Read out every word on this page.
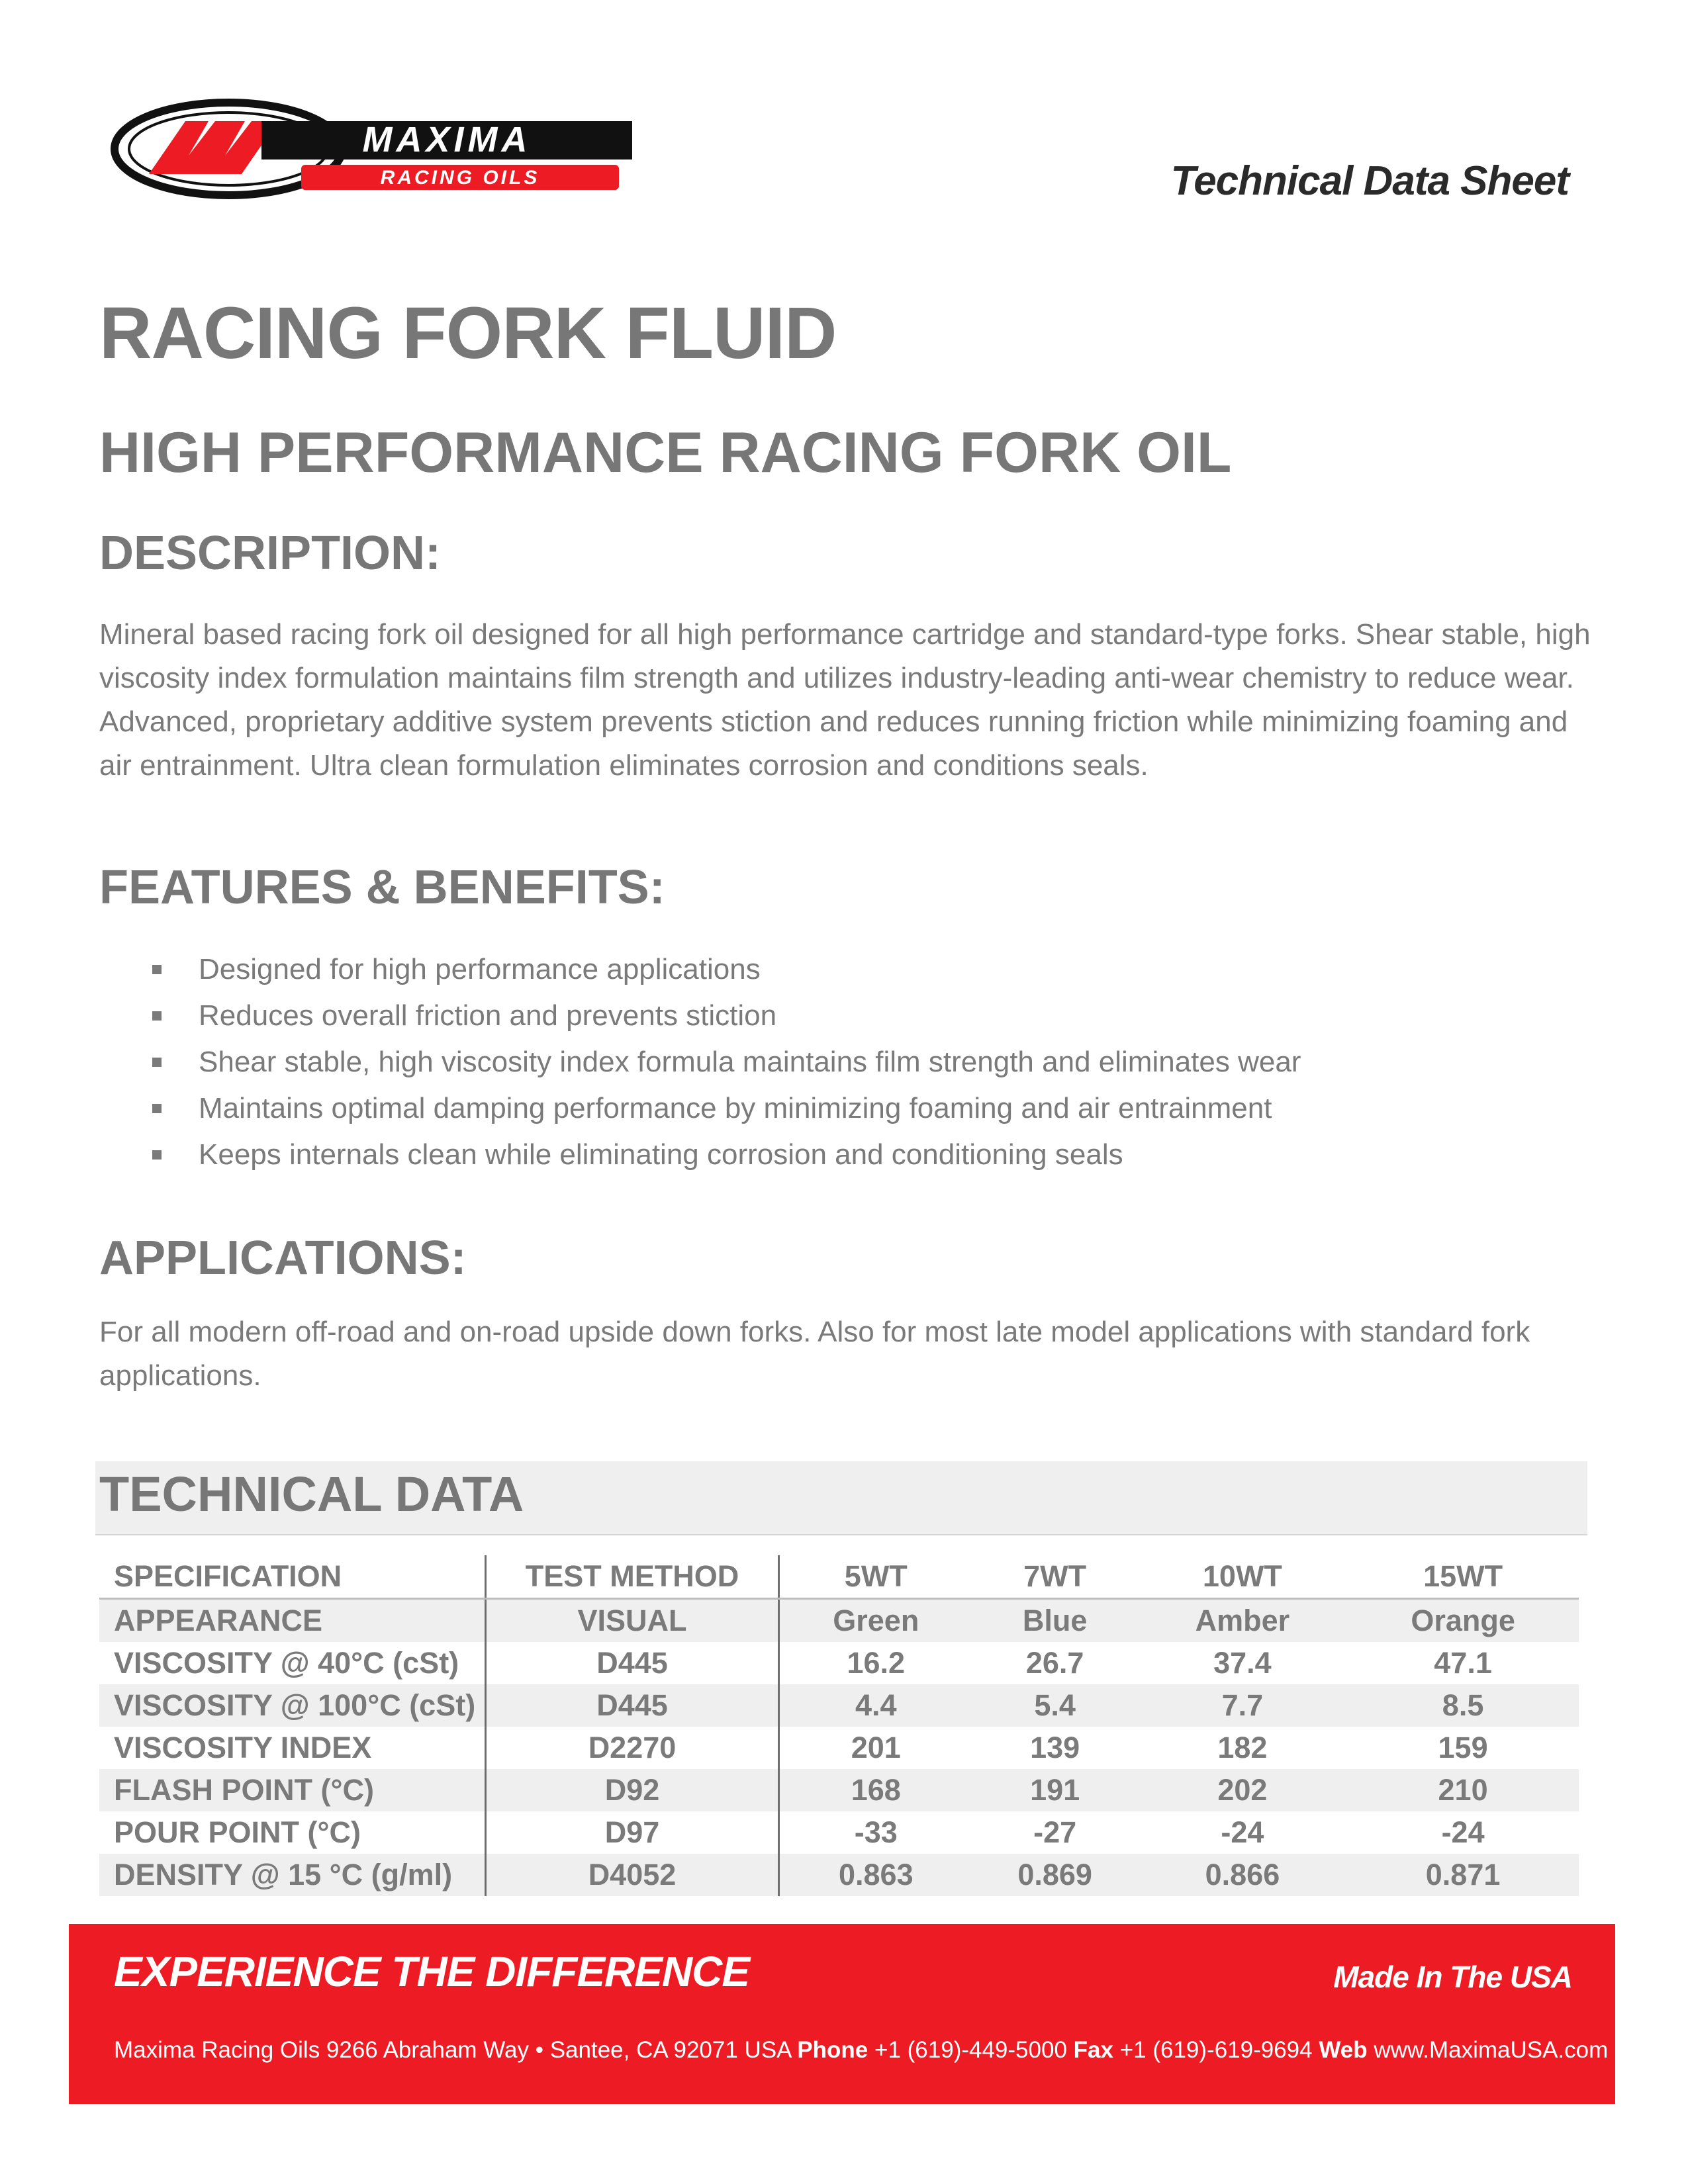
MAXIMA
RACING OILS	Technical Data Sheet
RACING FORK FLUID
HIGH PERFORMANCE RACING FORK OIL
DESCRIPTION:
Mineral based racing fork oil designed for all high performance cartridge and standard-type forks. Shear stable, high viscosity index formulation maintains film strength and utilizes industry-leading anti-wear chemistry to reduce wear. Advanced, proprietary additive system prevents stiction and reduces running friction while minimizing foaming and air entrainment. Ultra clean formulation eliminates corrosion and conditions seals.
FEATURES & BENEFITS:
Designed for high performance applications
Reduces overall friction and prevents stiction
Shear stable, high viscosity index formula maintains film strength and eliminates wear
Maintains optimal damping performance by minimizing foaming and air entrainment
Keeps internals clean while eliminating corrosion and conditioning seals
APPLICATIONS:
For all modern off-road and on-road upside down forks. Also for most late model applications with standard fork applications.
TECHNICAL DATA
SPECIFICATION	TEST METHOD	5WT	7WT	10WT	15WT
APPEARANCE	VISUAL	Green	Blue	Amber	Orange
VISCOSITY @ 40°C (cSt)	D445	16.2	26.7	37.4	47.1
VISCOSITY @ 100°C (cSt)	D445	4.4	5.4	7.7	8.5
VISCOSITY INDEX	D2270	201	139	182	159
FLASH POINT (°C)	D92	168	191	202	210
POUR POINT (°C)	D97	-33	-27	-24	-24
DENSITY @ 15 °C (g/ml)	D4052	0.863	0.869	0.866	0.871
EXPERIENCE THE DIFFERENCE	Made In The USA
Maxima Racing Oils 9266 Abraham Way • Santee, CA 92071 USA Phone +1 (619)-449-5000 Fax +1 (619)-619-9694 Web www.MaximaUSA.com
